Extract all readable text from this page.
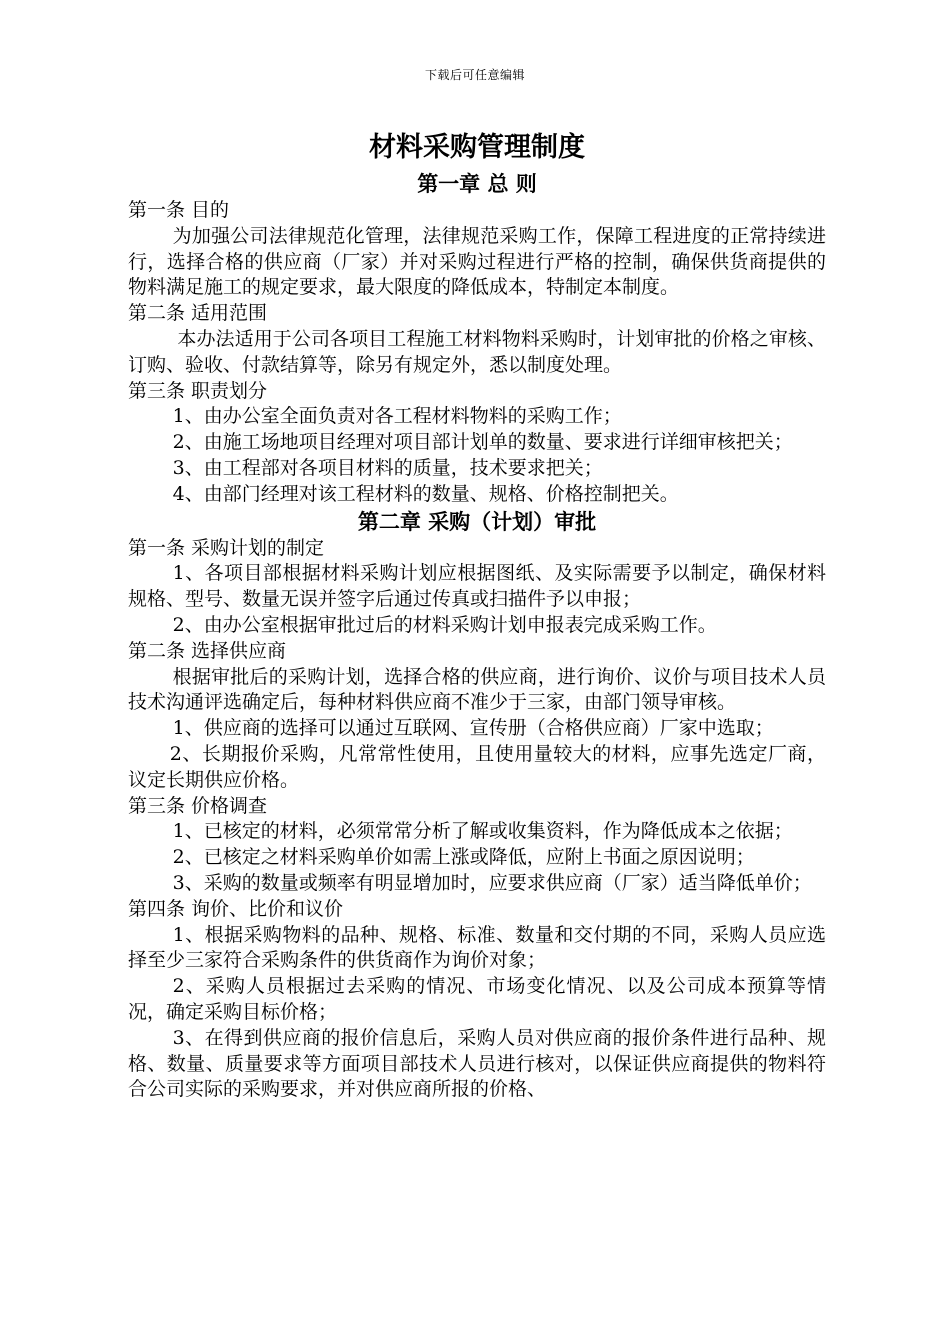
下载后可任意编辑
材料采购管理制度
第一章 总 则

第一条 目的

为加强公司法律规范化管理，法律规范采购工作，保障工程进度的正常持续进行，选择合格的供应商（厂家）并对采购过程进行严格的控制，确保供货商提供的物料满足施工的规定要求，最大限度的降低成本，特制定本制度。

第二条 适用范围

本办法适用于公司各项目工程施工材料物料采购时，计划审批的价格之审核、订购、验收、付款结算等，除另有规定外，悉以制度处理。

第三条 职责划分

1、由办公室全面负责对各工程材料物料的采购工作；

2、由施工场地项目经理对项目部计划单的数量、要求进行详细审核把关；

3、由工程部对各项目材料的质量，技术要求把关；

4、由部门经理对该工程材料的数量、规格、价格控制把关。

第二章 采购（计划）审批

第一条 采购计划的制定

1、各项目部根据材料采购计划应根据图纸、及实际需要予以制定，确保材料规格、型号、数量无误并签字后通过传真或扫描件予以申报；

2、由办公室根据审批过后的材料采购计划申报表完成采购工作。

第二条 选择供应商

根据审批后的采购计划，选择合格的供应商，进行询价、议价与项目技术人员技术沟通评选确定后，每种材料供应商不准少于三家，由部门领导审核。

1、供应商的选择可以通过互联网、宣传册（合格供应商）厂家中选取；

2、长期报价采购，凡常常性使用，且使用量较大的材料，应事先选定厂商，议定长期供应价格。

第三条 价格调查

1、已核定的材料，必须常常分析了解或收集资料，作为降低成本之依据；

2、已核定之材料采购单价如需上涨或降低，应附上书面之原因说明；

3、采购的数量或频率有明显增加时，应要求供应商（厂家）适当降低单价；

第四条 询价、比价和议价

1、根据采购物料的品种、规格、标准、数量和交付期的不同，采购人员应选择至少三家符合采购条件的供货商作为询价对象；

2、采购人员根据过去采购的情况、市场变化情况、以及公司成本预算等情况，确定采购目标价格；

3、在得到供应商的报价信息后，采购人员对供应商的报价条件进行品种、规格、数量、质量要求等方面项目部技术人员进行核对，以保证供应商提供的物料符合公司实际的采购要求，并对供应商所报的价格、
